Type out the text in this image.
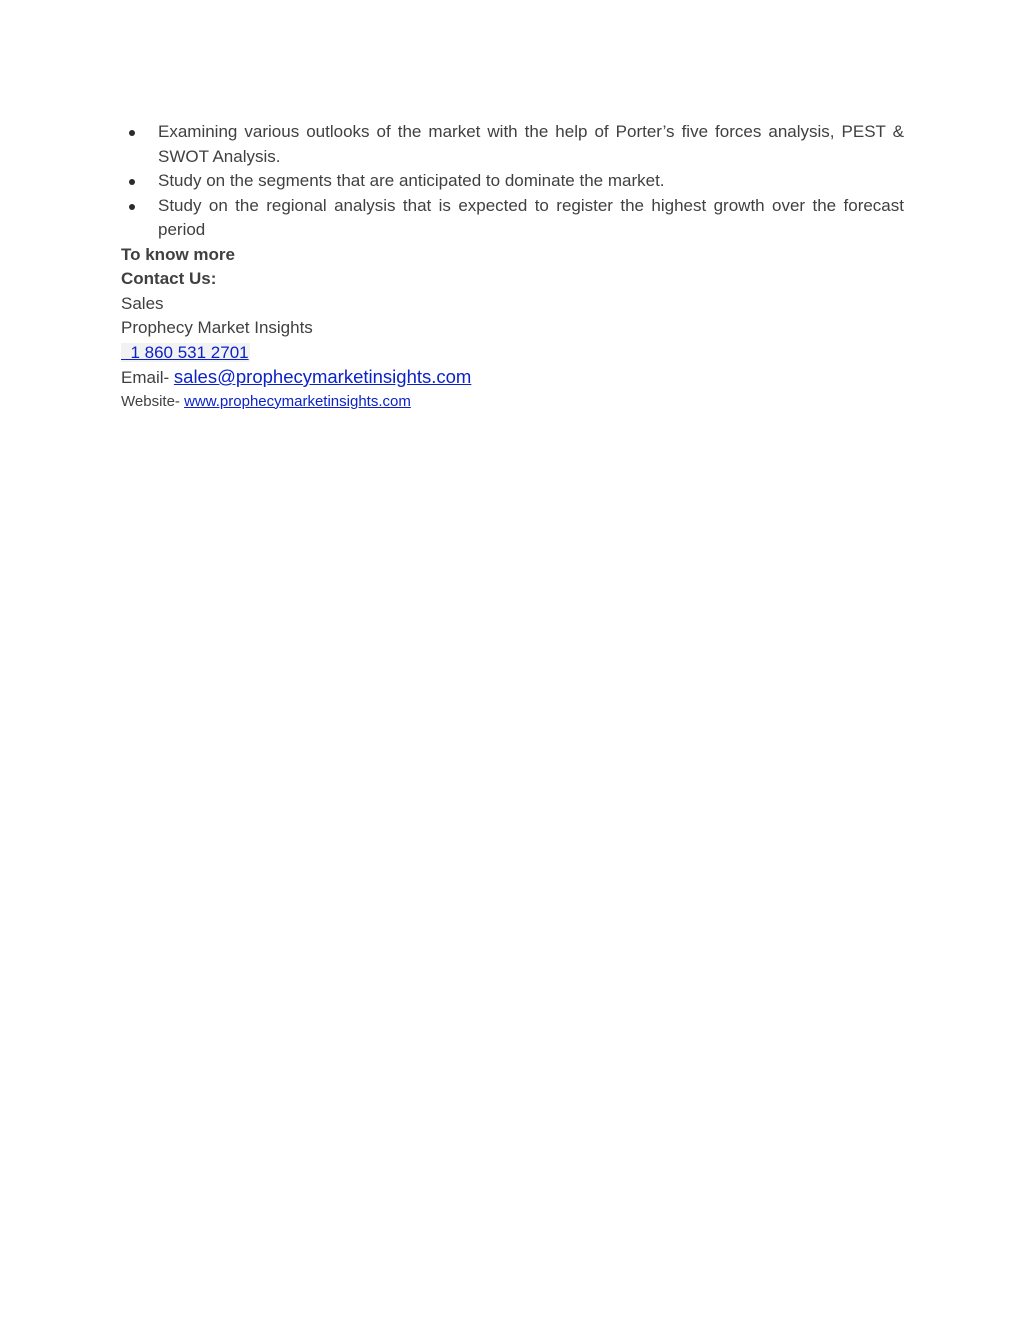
Examining various outlooks of the market with the help of Porter’s five forces analysis, PEST & SWOT Analysis.
Study on the segments that are anticipated to dominate the market.
Study on the regional analysis that is expected to register the highest growth over the forecast period
To know more
Contact Us:
Sales
Prophecy Market Insights
1 860 531 2701
Email- sales@prophecymarketinsights.com
Website- www.prophecymarketinsights.com
